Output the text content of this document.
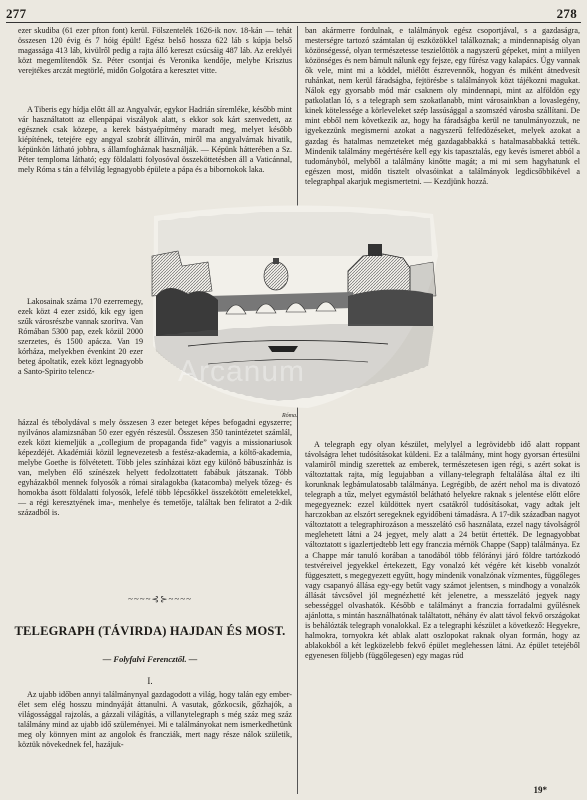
277	278

ezer skudiba (61 ezer pfton font) kerül. Fölszentelék 1626-ik nov. 18-kán — tehát összesen 120 évig és 7 hóig épült! Egész belső hossza 622 láb s kúpja belső magassága 413 láb, kivülről pedig a rajta álló kereszt csúcsáig 487 láb. Az ereklyéi közt megemlítendők Sz. Péter csontjai és Veronika kendője, melybe Krisztus verejtékes arczát megtörlé, midőn Golgotára a keresztet vitte.

A Tiberis egy hídja előtt áll az Angyalvár, egykor Hadrián síremléke, később mint vár használtatott az ellenpápai viszályok alatt, s ekkor sok kárt szenvedett, az egésznek csak közepe, a kerek bástyaépítmény maradt meg, melyet később kiépítének, tetejére egy angyal szobrát állítván, miről ma angyalvárnak hivatik, képünkön látható jobbra, s államfogháznak használják. — Képünk hátterében a Sz. Péter temploma látható; egy földalatti folyosóval összeköttetésben áll a Vaticánnal, mely Róma s tán a félvilág legnagyobb épülete a pápa és a bibornokok laka.

Lakosainak száma 170 ezerremegy, ezek közt 4 ezer zsidó, kik egy igen szűk városrészbe vannak szorítva. Van Rómában 5300 pap, ezek közül 2000 szerzetes, és 1500 apácza. Van 19 kórháza, melyekben évenkint 20 ezer beteg ápoltatik, ezek közt legnagyobb a Santo-Spirito telencz-	Arcanum
Róma.

házzal és tébolydával s mely összesen 3 ezer beteget képes befogadni egyszerre; nyilvános alamizsnában 50 ezer egyén részesül. Összesen 350 tanintézetet számlál, ezek közt kiemeljük a „collegium de propaganda fide” vagyis a missionariusok képezdéjét. Akadémiái közül legnevezetesb a festész-akademia, a költő-akademia, melybe Goethe is fölvétetett. Több jeles színházai közt egy különő bábuszínház is van, melyben élő színészek helyett fedolzottatett fabábuk játszanak. Több egyházakból mennek folyosók a római siralagokba (katacomba) melyek tőzeg- és homokba ásott földalatti folyosók, lefelé több lépcsőkkel összekötött emeletekkel, — a régi keresztyének ima-, menhelye és temetője, találtak ben feliratot a 2-dik századból is.

~~~~⊰⊱~~~~
TELEGRAPH (TÁVIRDA) HAJDAN ÉS MOST.
— Folyfalvi Ferencztől. —
I.

Az ujabb időben annyi találmánynyal gazdagodott a világ, hogy talán egy ember-élet sem elég hosszu mindnyáját áttanulni. A vasutak, gőzkocsik, gőzhajók, a világossággal rajzolás, a gázzali világítás, a villanytelegraph s még száz meg száz találmány mind az ujabb idő szüleményei. Mi e találmányokat nem ismerkedhetünk meg oly könnyen mint az angolok és francziák, mert nagy része nálok születik, köztük növekednek fel, hazájuk-

ban akármerre fordulnak, e találmányok egész csoportjával, s a gazdaságra, mesterségre tartozó számtalan új eszközökkel találkoznak; a mindennapiság olyan közönségessé, olyan természetesse teszielőttök a nagyszerű gépeket, mint a miilyen közönséges és nem bámult nálunk egy fejsze, egy fűrész vagy kalapács. Úgy vannak ők vele, mint mi a köddel, miélőtt észrevennők, hogyan és miként átnedvesít ruhánkat, nem kerül fáradságba, fejtörésbe s találmányok közt tájékozni magukat. Nálok egy gyorsabb mód már csaknem oly mindennapi, mint az alföldön egy patkolatlan ló, s a telegraph sem szokatlanabb, mint városainkban a lovaslegény, kinek kötelessége a körleveleket szép lassúsággal a szomszéd városba szállítani. De mint ebből nem következik az, hogy ha fáradságba kerül ne tanulmányozzuk, ne igyekezzünk megismerni azokat a nagyszerű felfedözéseket, melyek azokat a gazdag és hatalmas nemzeteket még gazdagabbakká s hatalmasabbakká tették. Mindenik találmány megértésére kell egy kis tapasztalás, egy kevés ismeret abból a tudományból, melyből a találmány kinőtte magát; a mi mi sem hagyhatunk el egészen most, midőn tisztelt olvasóinkat a találmányok legdicsőbbikével a telegraphpal akarjuk megismertetni. — Kezdjünk hozzá.

A telegraph egy olyan készület, melylyel a legrövidebb idő alatt roppant távolságra lehet tudósításokat küldeni. Ez a találmány, mint hogy gyorsan értesülni valamiről mindig szerettek az emberek, természetesen igen régi, s azért sokat is változtattak rajta, míg legujabban a villany-telegraph feltalálása által ez ilti korunknak legbámulatosabb találmánya. Legrégibb, de azért nehol ma is divatozó telegraph a tűz, melyet egymástól belátható helyekre raknak s jelentése előtt előre megegyeznek: ezzel küldöttek nyert csatákról tudósításokat, vagy adtak jelt harczokban az elszórt seregeknek egyidőbeni támadásra. A 17-dik században nagyot változtatott a telegraphirozáson a messzelátó cső használata, ezzel nagy távolságról meglehetett látni a 24 jegyet, mely alatt a 24 betüt értették. De legnagyobbat változtatott s igazlertjedtebb lett egy franczia mérnök Chappe (Sapp) találmánya. Ez a Chappe már tanuló korában a tanodából több félórányi járó földre tartózkodó testvéreivel jegyekkel értekezett, Egy vonalzó két végére két kisebb vonalzót függesztett, s megegyezett egyűtt, hogy mindenik vonalzónak vízmentes, függőleges vagy csapanyó állása egy-egy betűt vagy számot jelentsen, s mindhogy a vonalzók állását távcsővel jól megnézhetté két jelenetre, a messzelátó jegyek nagy sebességgel olvashatók. Később e találmányt a franczia forradalmi gyűlésnek ajánlotta, s mintán használhatónak találtatott, néhány év alatt távol fekvő országokat is behálózták telegraph vonalokkal. Ez a telegraphi készület a következő: Hegyekre, halmokra, tornyokra két ablak alatt oszlopokat raknak olyan formán, hogy az ablakokból a két legközelebb fekvő épület meglehessen látni. Az épület tetejéből egyenesen följebb (függőlegesen) egy magas rúd

19*
